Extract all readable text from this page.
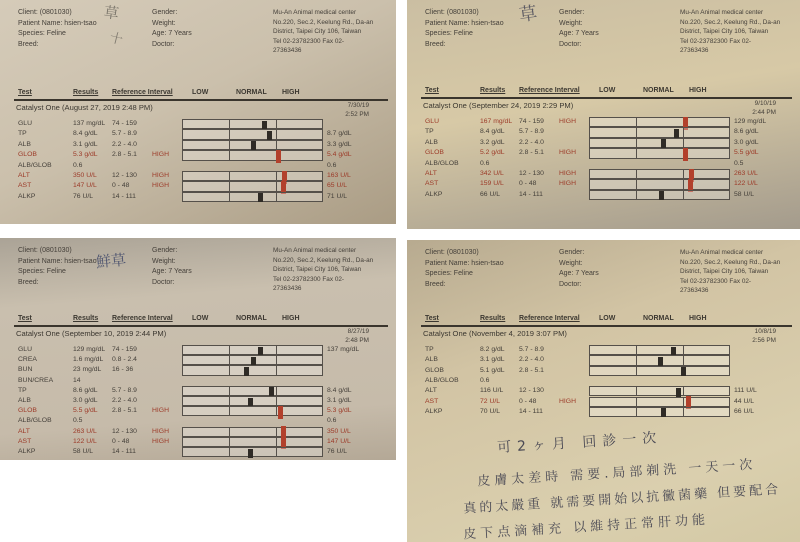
Client: (0801030)
Patient Name: hsien-tsao
Species: Feline
Breed:
Gender:
Weight:
Age: 7 Years
Doctor:
Mu-An Animal medical center
No.220, Sec.2, Keelung Rd., Da-an
District, Taipei City 106, Taiwan
Tel 02-23782300 Fax 02-
27363436
草
十
Test	Results Reference Interval	LOW	NORMAL HIGH
Catalyst One (August 27, 2019 2:48 PM)	7/30/19
2:52 PM
GLU	137 mg/dL 74 - 159
TP	8.4 g/dL 5.7 - 8.9	8.7 g/dL
ALB	3.1 g/dL 2.2 - 4.0	3.3 g/dL
GLOB	5.3 g/dL 2.8 - 5.1 HIGH	5.4 g/dL
ALB/GLOB	0.6	0.6
ALT	350 U/L 12 - 130 HIGH	163 U/L
AST	147 U/L 0 - 48	HIGH	65 U/L
ALKP	76 U/L	14 - 111	71 U/L
Client: (0801030)
Patient Name: hsien-tsao
Species: Feline
Breed:
Gender:
Weight:
Age: 7 Years
Doctor:
Mu-An Animal medical center
No.220, Sec.2, Keelung Rd., Da-an
District, Taipei City 106, Taiwan
Tel 02-23782300 Fax 02-
27363436
草
Test	Results Reference Interval	LOW	NORMAL HIGH
Catalyst One (September 24, 2019 2:29 PM)	9/10/19
2:44 PM
GLU	167 mg/dL 74 - 159 HIGH	129 mg/dL
TP	8.4 g/dL 5.7 - 8.9	8.6 g/dL
ALB	3.2 g/dL 2.2 - 4.0	3.0 g/dL
GLOB	5.2 g/dL 2.8 - 5.1 HIGH	5.5 g/dL
ALB/GLOB	0.6	0.5
ALT	342 U/L 12 - 130 HIGH	263 U/L
AST	159 U/L 0 - 48	HIGH	122 U/L
ALKP	66 U/L	14 - 111	58 U/L
Client: (0801030)
Patient Name: hsien-tsao
Species: Feline
Breed:
Gender:
Weight:
Age: 7 Years
Doctor:
Mu-An Animal medical center
No.220, Sec.2, Keelung Rd., Da-an
District, Taipei City 106, Taiwan
Tel 02-23782300 Fax 02-
27363436
鮮草
Test	Results Reference Interval	LOW	NORMAL HIGH
Catalyst One (September 10, 2019 2:44 PM)	8/27/19
2:48 PM
GLU	129 mg/dL 74 - 159	137 mg/dL
CREA	1.6 mg/dL 0.8 - 2.4
BUN	23 mg/dL 16 - 36
BUN/CREA	14
TP	8.6 g/dL 5.7 - 8.9	8.4 g/dL
ALB	3.0 g/dL 2.2 - 4.0	3.1 g/dL
GLOB	5.5 g/dL 2.8 - 5.1 HIGH	5.3 g/dL
ALB/GLOB	0.5	0.6
ALT	263 U/L 12 - 130 HIGH	350 U/L
AST	122 U/L 0 - 48	HIGH	147 U/L
ALKP	58 U/L	14 - 111	76 U/L
Client: (0801030)
Patient Name: hsien-tsao
Species: Feline
Breed:
Gender:
Weight:
Age: 7 Years
Doctor:
Mu-An Animal medical center
No.220, Sec.2, Keelung Rd., Da-an
District, Taipei City 106, Taiwan
Tel 02-23782300 Fax 02-
27363436
Test	Results Reference Interval	LOW	NORMAL HIGH
Catalyst One (November 4, 2019 3:07 PM)	10/8/19
2:56 PM
TP	8.2 g/dL 5.7 - 8.9
ALB	3.1 g/dL 2.2 - 4.0
GLOB	5.1 g/dL 2.8 - 5.1
ALB/GLOB	0.6
ALT	116 U/L 12 - 130	111 U/L
AST	72 U/L	0 - 48	HIGH	44 U/L
ALKP	70 U/L	14 - 111	66 U/L
可2ヶ月 回診一次
皮膚太差時 需要.局部剃洗 一天一次
真的太嚴重 就需要開始以抗黴菌藥 但要配合
皮下点滴補充 以維持正常肝功能
